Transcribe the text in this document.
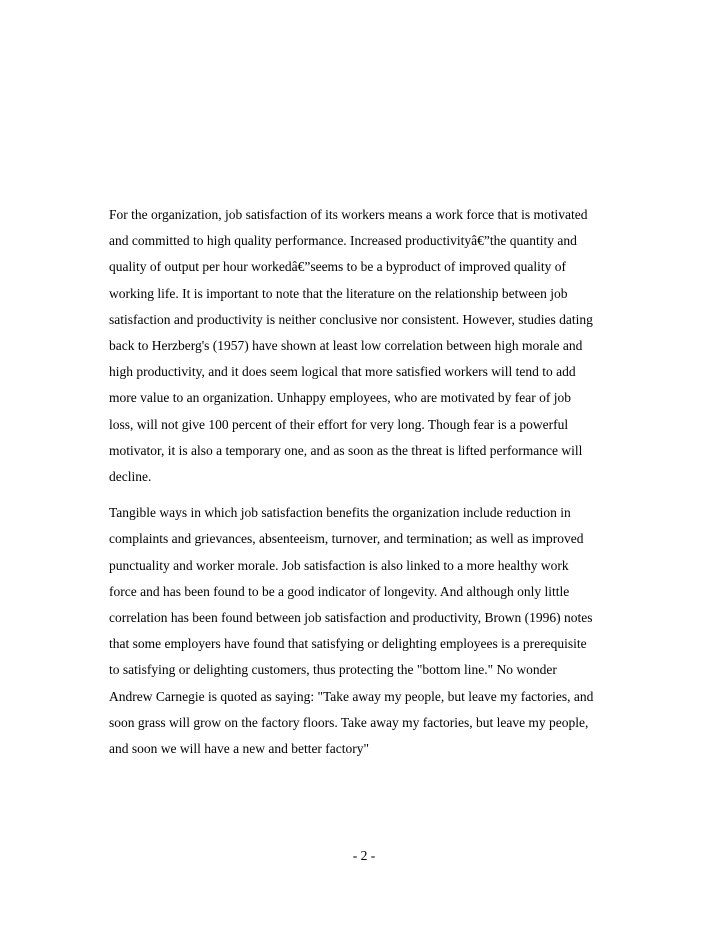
For the organization, job satisfaction of its workers means a work force that is motivated
and committed to high quality performance. Increased productivityâ€”the quantity and
quality of output per hour workedâ€”seems to be a byproduct of improved quality of
working life. It is important to note that the literature on the relationship between job
satisfaction and productivity is neither conclusive nor consistent. However, studies dating
back to Herzberg's (1957) have shown at least low correlation between high morale and
high productivity, and it does seem logical that more satisfied workers will tend to add
more value to an organization. Unhappy employees, who are motivated by fear of job
loss, will not give 100 percent of their effort for very long. Though fear is a powerful
motivator, it is also a temporary one, and as soon as the threat is lifted performance will
decline.

Tangible ways in which job satisfaction benefits the organization include reduction in
complaints and grievances, absenteeism, turnover, and termination; as well as improved
punctuality and worker morale. Job satisfaction is also linked to a more healthy work
force and has been found to be a good indicator of longevity. And although only little
correlation has been found between job satisfaction and productivity, Brown (1996) notes
that some employers have found that satisfying or delighting employees is a prerequisite
to satisfying or delighting customers, thus protecting the "bottom line." No wonder
Andrew Carnegie is quoted as saying: "Take away my people, but leave my factories, and
soon grass will grow on the factory floors. Take away my factories, but leave my people,
and soon we will have a new and better factory"

- 2 -
